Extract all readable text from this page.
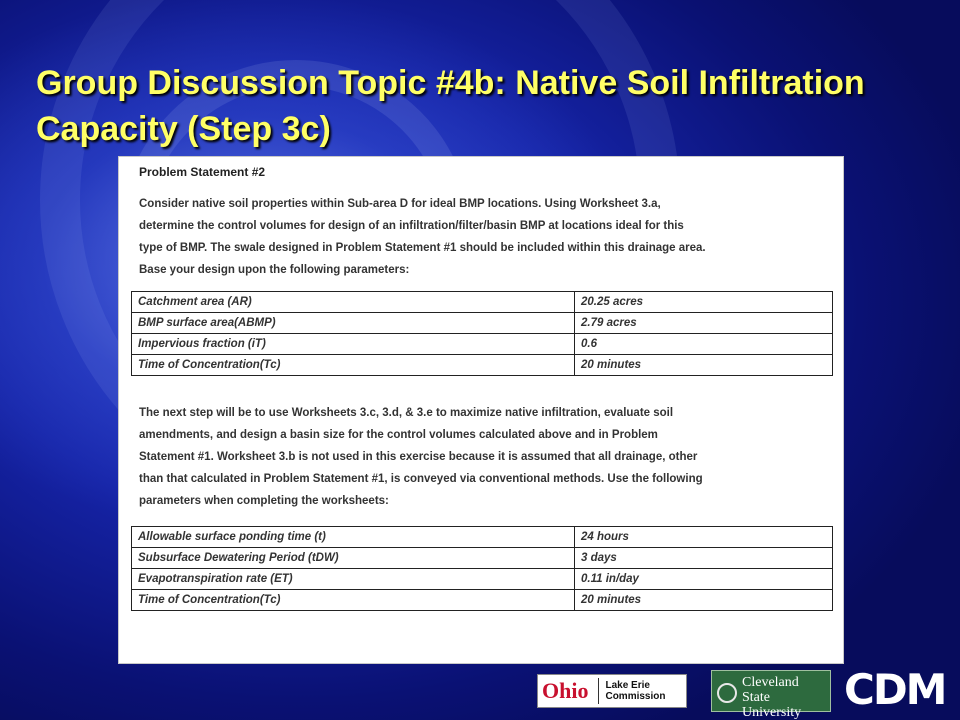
Group Discussion Topic #4b: Native Soil Infiltration Capacity (Step 3c)
Problem Statement #2

Consider native soil properties within Sub-area D for ideal BMP locations. Using Worksheet 3.a,

determine the control volumes for design of an infiltration/filter/basin BMP at locations ideal for this

type of BMP. The swale designed in Problem Statement #1 should be included within this drainage area.

Base your design upon the following parameters:

Catchment area (AR)	20.25 acres
BMP surface area(ABMP)	2.79 acres
Impervious fraction (iT)	0.6
Time of Concentration(Tc)	20 minutes

The next step will be to use Worksheets 3.c, 3.d, & 3.e to maximize native infiltration, evaluate soil

amendments, and design a basin size for the control volumes calculated above and in Problem

Statement #1. Worksheet 3.b is not used in this exercise because it is assumed that all drainage, other

than that calculated in Problem Statement #1, is conveyed via conventional methods. Use the following

parameters when completing the worksheets:

Allowable surface ponding time (t)	24 hours
Subsurface Dewatering Period (tDW)	3 days
Evapotranspiration rate (ET)	0.11 in/day
Time of Concentration(Tc)	20 minutes
Ohio	Lake Erie
Commission
Cleveland State
University	CDM
